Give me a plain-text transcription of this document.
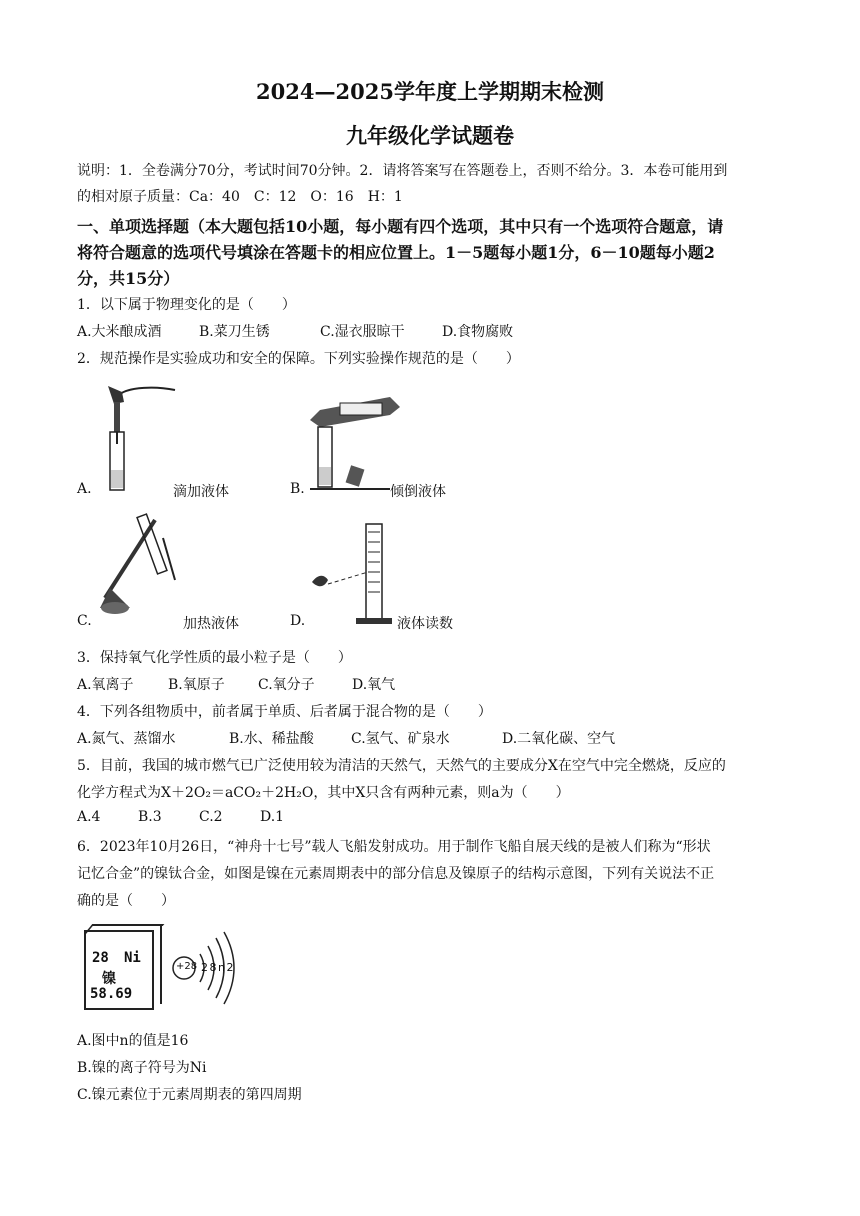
2024—2025学年度上学期期末检测
九年级化学试题卷
说明：1．全卷满分70分，考试时间70分钟。2．请将答案写在答题卷上，否则不给分。3．本卷可能用到
的相对原子质量：Ca：40　C：12　O：16　H：1
一、单项选择题（本大题包括10小题，每小题有四个选项，其中只有一个选项符合题意，请
将符合题意的选项代号填涂在答题卡的相应位置上。1－5题每小题1分，6－10题每小题2
分，共15分）
1．以下属于物理变化的是（　　）
A.大米酿成酒	B.菜刀生锈	C.湿衣服晾干	D.食物腐败
2．规范操作是实验成功和安全的保障。下列实验操作规范的是（　　）
A.	滴加液体	B.	倾倒液体
C.	加热液体	D.	液体读数
3．保持氧气化学性质的最小粒子是（　　）
A.氧离子 B.氧原子 C.氧分子	D.氧气
4．下列各组物质中，前者属于单质、后者属于混合物的是（　　）
A.氮气、蒸馏水	B.水、稀盐酸	C.氢气、矿泉水	D.二氧化碳、空气
5．目前，我国的城市燃气已广泛使用较为清洁的天然气，天然气的主要成分X在空气中完全燃烧，反应的
化学方程式为X＋2O₂＝aCO₂＋2H₂O，其中X只含有两种元素，则a为（　　）
A.4	B.3	C.2	D.1
6．2023年10月26日，“神舟十七号”载人飞船发射成功。用于制作飞船自展天线的是被人们称为“形状
记忆合金”的镍钛合金，如图是镍在元素周期表中的部分信息及镍原子的结构示意图，下列有关说法不正
确的是（　　）
28 Ni
镍
58.69
+28 2 8 n 2
A.图中n的值是16
B.镍的离子符号为Ni
C.镍元素位于元素周期表的第四周期
